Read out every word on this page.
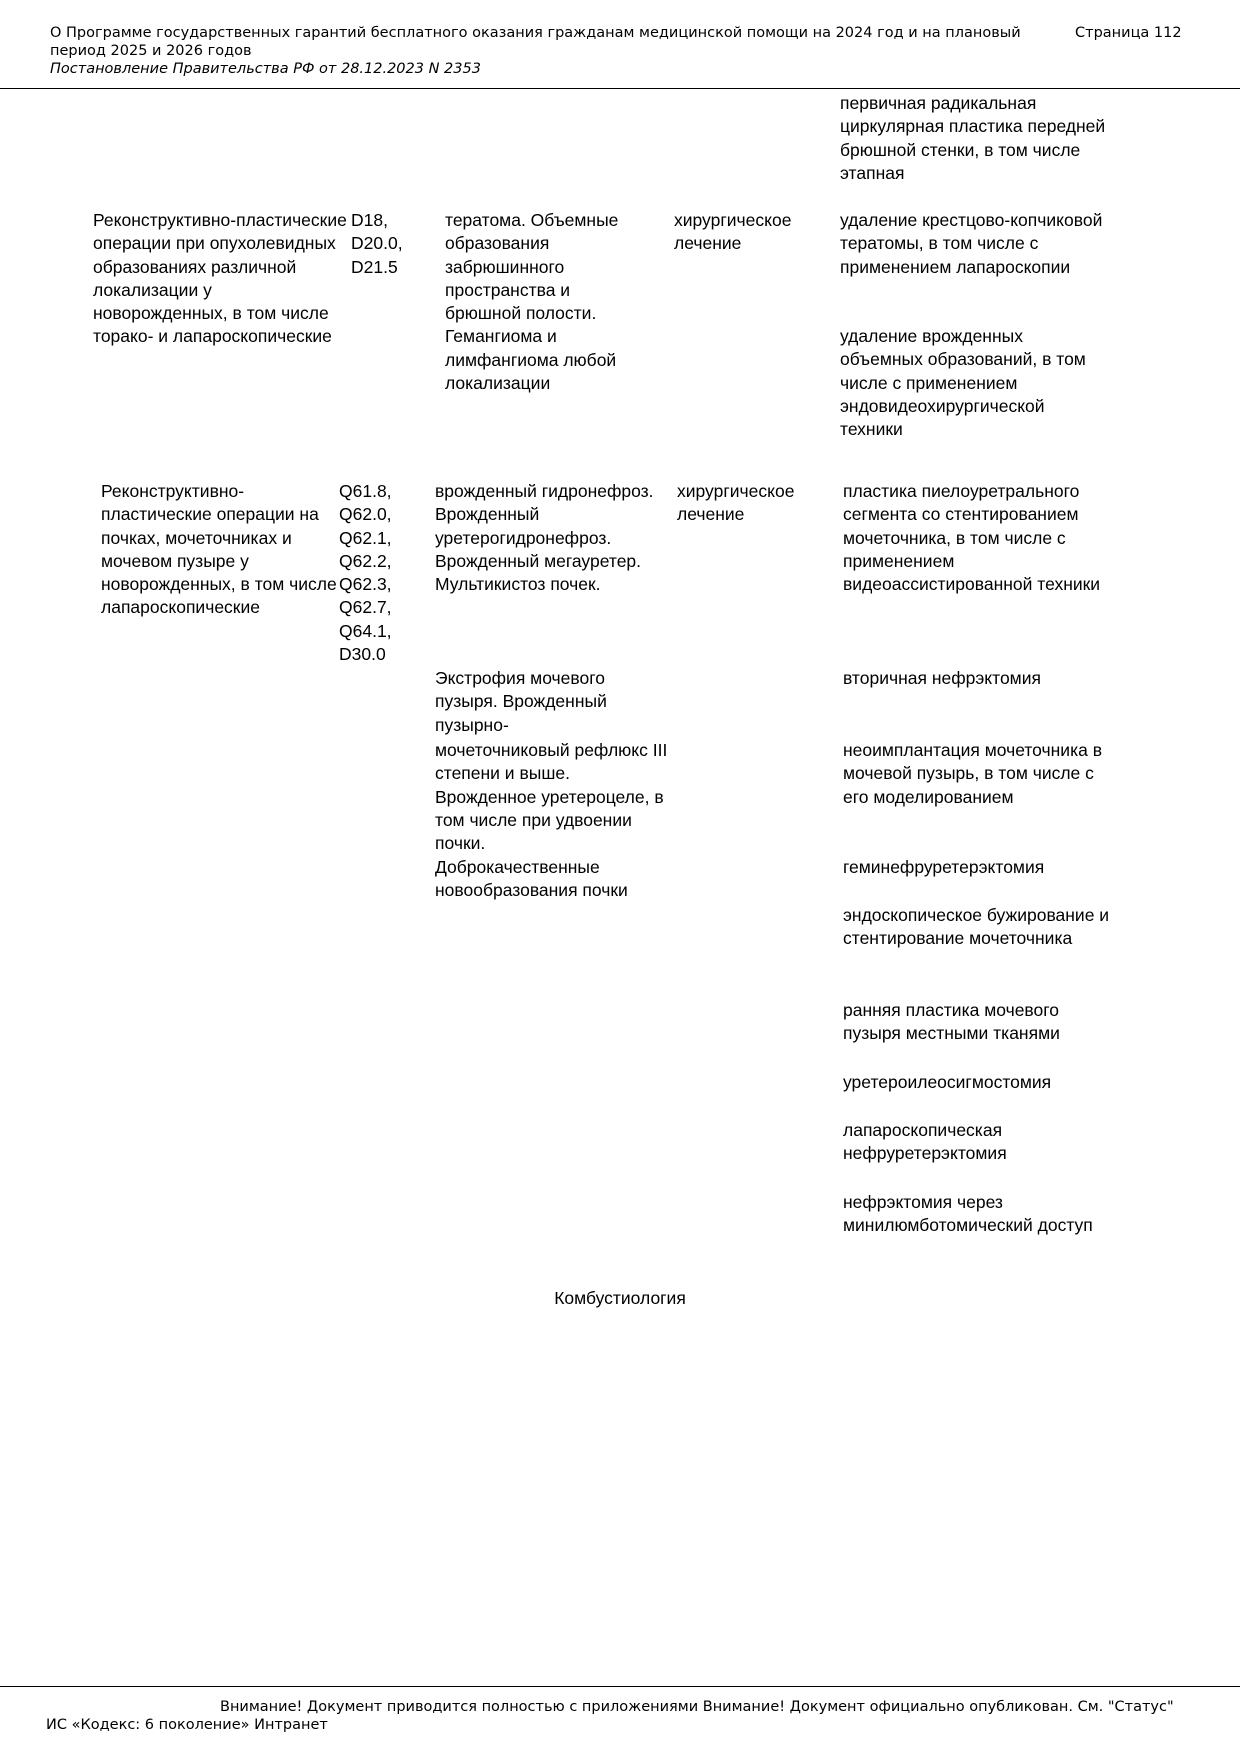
О Программе государственных гарантий бесплатного оказания гражданам медицинской помощи на 2024 год и на плановый период 2025 и 2026 годов
Постановление Правительства РФ от 28.12.2023 N 2353
Страница 112
первичная радикальная циркулярная пластика передней брюшной стенки, в том числе этапная
Реконструктивно-пластические операции при опухолевидных образованиях различной локализации у новорожденных, в том числе торако- и лапароскопические
D18, D20.0, D21.5
тератома. Объемные образования забрюшинного пространства и брюшной полости. Гемангиома и лимфангиома любой локализации
хирургическое лечение
удаление крестцово-копчиковой тератомы, в том числе с применением лапароскопии
удаление врожденных объемных образований, в том числе с применением эндовидеохирургической техники
Реконструктивно-пластические операции на почках, мочеточниках и мочевом пузыре у новорожденных, в том числе лапароскопические
Q61.8, Q62.0, Q62.1, Q62.2, Q62.3, Q62.7, Q64.1, D30.0
врожденный гидронефроз. Врожденный уретерогидронефроз. Врожденный мегауретер. Мультикистоз почек.
Экстрофия мочевого пузыря. Врожденный пузырно-
мочеточниковый рефлюкс III степени и выше. Врожденное уретероцеле, в том числе при удвоении почки.
Доброкачественные новообразования почки
хирургическое лечение
пластика пиелоуретрального сегмента со стентированием мочеточника, в том числе с применением видеоассистированной техники
вторичная нефрэктомия
неоимплантация мочеточника в мочевой пузырь, в том числе с его моделированием
геминефруретерэктомия
эндоскопическое бужирование и стентирование мочеточника
ранняя пластика мочевого пузыря местными тканями
уретероилеосигмостомия
лапароскопическая нефруретерэктомия
нефрэктомия через минилюмботомический доступ
Комбустиология
Внимание! Документ приводится полностью с приложениями Внимание! Документ официально опубликован. См. "Статус"
ИС «Кодекс: 6 поколение» Интранет
